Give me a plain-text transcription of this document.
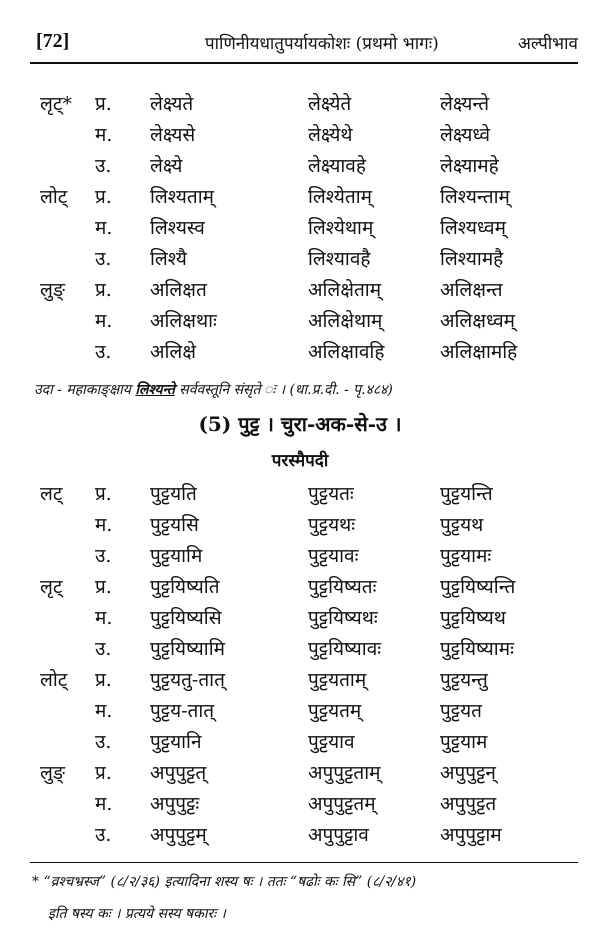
[72]	पाणिनीयधातुपर्यायकोशः (प्रथमो भागः)	अल्पीभाव
लृट्* प्र. लेक्ष्यते	लेक्ष्येते	लेक्ष्यन्ते
म. लेक्ष्यसे	लेक्ष्येथे	लेक्ष्यध्वे
उ. लेक्ष्ये	लेक्ष्यावहे	लेक्ष्यामहे
लोट् प्र. लिश्यताम्	लिश्येताम्	लिश्यन्ताम्
म. लिश्यस्व	लिश्येथाम्	लिश्यध्वम्
उ. लिश्यै	लिश्यावहै	लिश्यामहै
लुङ् प्र. अलिक्षत	अलिक्षेताम्	अलिक्षन्त
म. अलिक्षथाः	अलिक्षेथाम्	अलिक्षध्वम्
उ. अलिक्षे	अलिक्षावहि	अलिक्षामहि
उदा - महाकाङ्क्षाय लिश्यन्ते सर्ववस्तूनि संसृते ः । (धा.प्र.दी. - पृ.४८४)
(5) पुट्ट । चुरा-अक-से-उ ।
परस्मैपदी
लट् प्र. पुट्टयति	पुट्टयतः	पुट्टयन्ति
म. पुट्टयसि	पुट्टयथः	पुट्टयथ
उ. पुट्टयामि	पुट्टयावः	पुट्टयामः
लृट् प्र. पुट्टयिष्यति	पुट्टयिष्यतः	पुट्टयिष्यन्ति
म. पुट्टयिष्यसि	पुट्टयिष्यथः	पुट्टयिष्यथ
उ. पुट्टयिष्यामि	पुट्टयिष्यावः	पुट्टयिष्यामः
लोट् प्र. पुट्टयतु-तात्	पुट्टयताम्	पुट्टयन्तु
म. पुट्टय-तात्	पुट्टयतम्	पुट्टयत
उ. पुट्टयानि	पुट्टयाव	पुट्टयाम
लुङ् प्र. अपुपुट्टत्	अपुपुट्टताम्	अपुपुट्टन्
म. अपुपुट्टः	अपुपुट्टतम्	अपुपुट्टत
उ. अपुपुट्टम्	अपुपुट्टाव	अपुपुट्टाम
* “व्रश्चभ्रस्ज” (८/२/३६) इत्यादिना शस्य षः । ततः “षढोः कः सि” (८/२/४१)
इति षस्य कः । प्रत्यये सस्य षकारः ।
